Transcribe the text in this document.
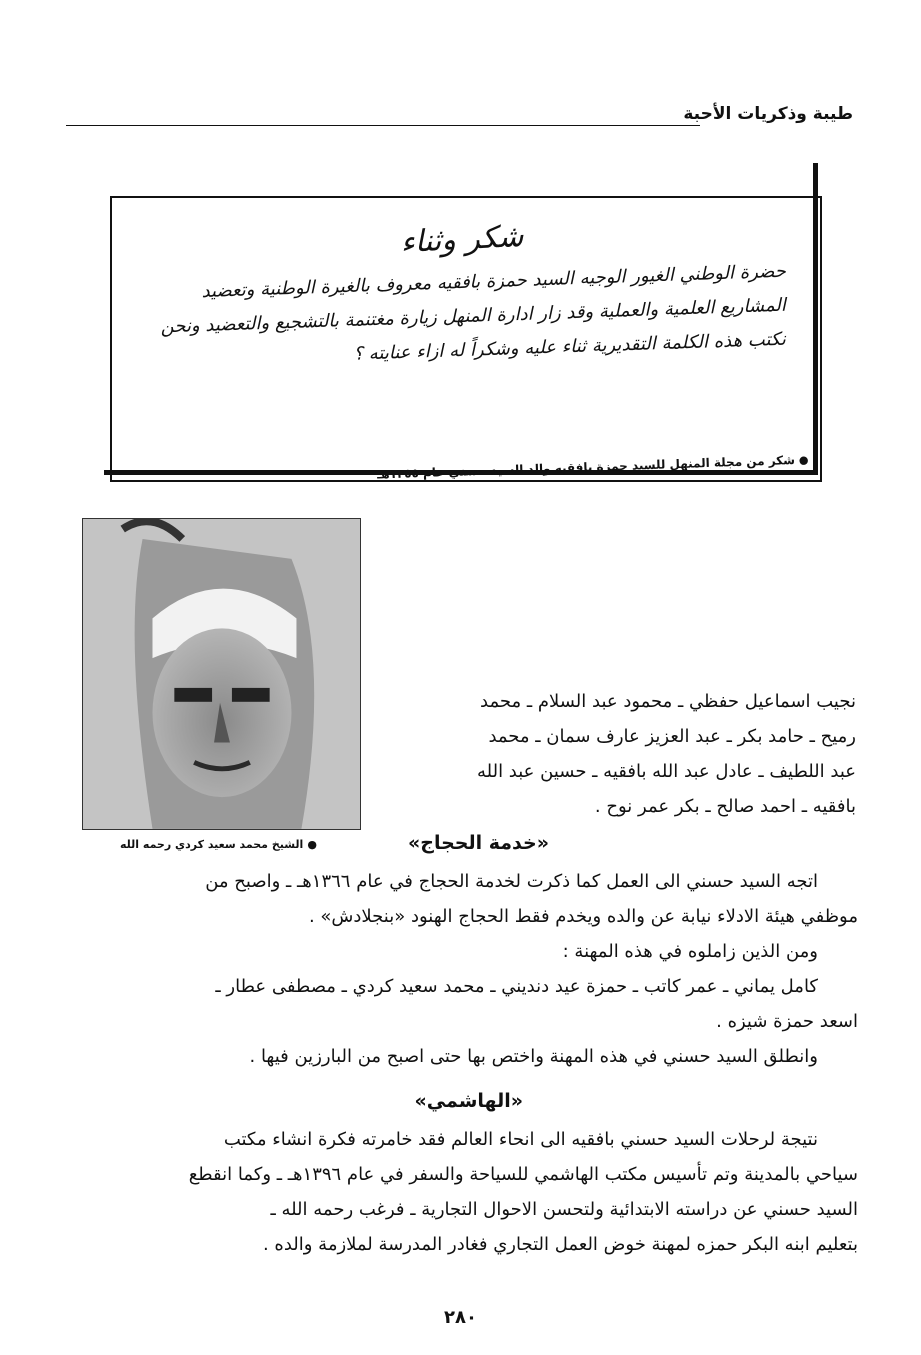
طيبة وذكريات الأحبة
شكر وثناء

حضرة الوطني الغيور الوجيه السيد حمزة بافقيه معروف بالغيرة الوطنية وتعضيد

المشاريع العلمية والعملية وقد زار ادارة المنهل زيارة مغتنمة بالتشجيع والتعضيد ونحن

نكتب هذه الكلمة التقديرية ثناء عليه وشكراً له ازاء عنايته ؟

●شكر من مجلة المنهل للسيد حمزة بافقيه والد السيد حسني عام ١٣٥٥هـ
●الشيخ محمد سعيد كردي رحمه الله

نجيب اسماعيل حفظي ـ محمود عبد السلام ـ محمد

رميح ـ حامد بكر ـ عبد العزيز عارف سمان ـ محمد

عبد اللطيف ـ عادل عبد الله بافقيه ـ حسين عبد الله

بافقيه ـ احمد صالح ـ بكر عمر نوح .

«خدمة الحجاج»

اتجه السيد حسني الى العمل كما ذكرت لخدمة الحجاج في عام ١٣٦٦هـ ـ واصبح من

موظفي هيئة الادلاء نيابة عن والده ويخدم فقط الحجاج الهنود «بنجلادش» .

ومن الذين زاملوه في هذه المهنة :

كامل يماني ـ عمر كاتب ـ حمزة عيد دنديني ـ محمد سعيد كردي ـ مصطفى عطار ـ

اسعد حمزة شيزه .

وانطلق السيد حسني في هذه المهنة واختص بها حتى اصبح من البارزين فيها .

«الهاشمي»

نتيجة لرحلات السيد حسني بافقيه الى انحاء العالم فقد خامرته فكرة انشاء مكتب

سياحي بالمدينة وتم تأسيس مكتب الهاشمي للسياحة والسفر في عام ١٣٩٦هـ ـ وكما انقطع

السيد حسني عن دراسته الابتدائية ولتحسن الاحوال التجارية ـ فرغب رحمه الله ـ

بتعليم ابنه البكر حمزه لمهنة خوض العمل التجاري فغادر المدرسة لملازمة والده .

٢٨٠
